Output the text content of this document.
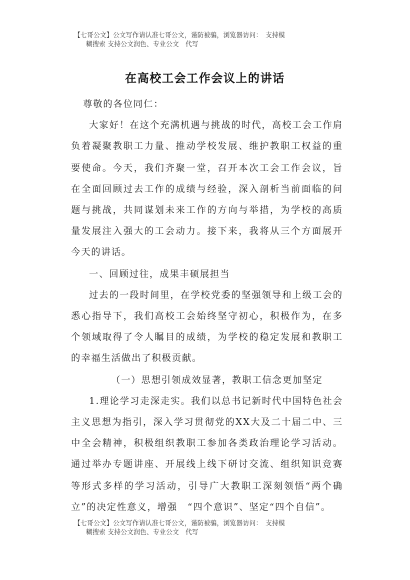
【七哥公文】公文写作请认准七哥公文，谨防被骗，浏览器访问：　支持模
糊搜索 支持公文润色、专业公文　代写
在高校工会工作会议上的讲话

尊敬的各位同仁：

大家好！在这个充满机遇与挑战的时代，高校工会工作肩负着凝聚教职工力量、推动学校发展、维护教职工权益的重要使命。今天，我们齐聚一堂，召开本次工会工作会议，旨在全面回顾过去工作的成绩与经验，深入剖析当前面临的问题与挑战，共同谋划未来工作的方向与举措，为学校的高质量发展注入强大的工会动力。接下来，我将从三个方面展开今天的讲话。

一、回顾过往，成果丰硕展担当

过去的一段时间里，在学校党委的坚强领导和上级工会的悉心指导下，我们高校工会始终坚守初心，积极作为，在多个领域取得了令人瞩目的成绩，为学校的稳定发展和教职工的幸福生活做出了积极贡献。

（一）思想引领成效显著，教职工信念更加坚定

1.理论学习走深走实。我们以总书记新时代中国特色社会主义思想为指引，深入学习贯彻党的XX大及二十届二中、三中全会精神，积极组织教职工参加各类政治理论学习活动。通过举办专题讲座、开展线上线下研讨交流、组织知识竞赛　等形式多样的学习活动，引导广大教职工深刻领悟“两个确　立”的决定性意义，增强　“四个意识”、坚定“四个自信”。

【七哥公文】公文写作请认准七哥公文，谨防被骗，浏览器访问：　支持模
糊搜索 支持公文润色、专业公文　代写
